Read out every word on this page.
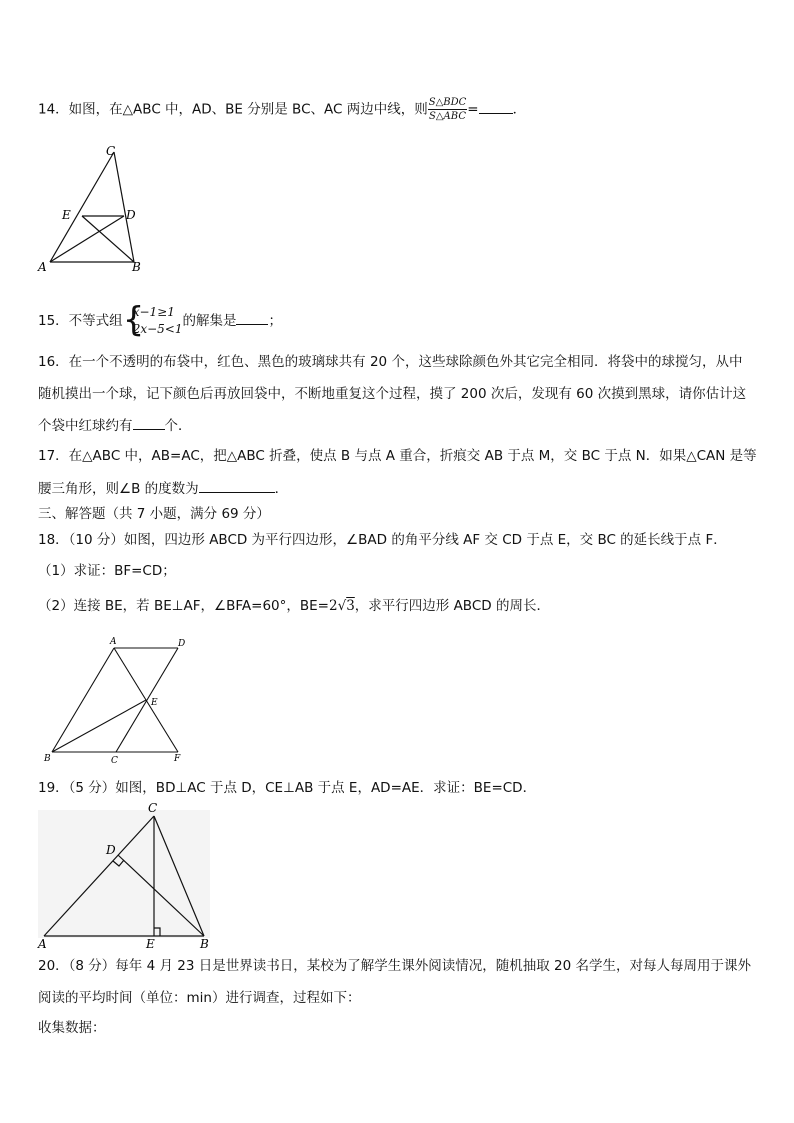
14．如图，在△ABC 中，AD、BE 分别是 BC、AC 两边中线，则 $\frac{\text{S△BDC}}{\text{S△ABC}}$ =	．
C
E	D
A	B
15．不等式组 {
x−1≥1
2x−5<1 的解集是 ；
16．在一个不透明的布袋中，红色、黑色的玻璃球共有 20 个，这些球除颜色外其它完全相同．将袋中的球搅匀，从中
随机摸出一个球，记下颜色后再放回袋中，不断地重复这个过程，摸了 200 次后，发现有 60 次摸到黑球，请你估计这
个袋中红球约有 个．
17．在△ABC 中，AB=AC，把△ABC 折叠，使点 B 与点 A 重合，折痕交 AB 于点 M，交 BC 于点 N．如果△CAN 是等
腰三角形，则∠B 的度数为	．
三、解答题（共 7 小题，满分 69 分）
18．（10 分）如图，四边形 ABCD 为平行四边形，∠BAD 的角平分线 AF 交 CD 于点 E，交 BC 的延长线于点 F．
（1）求证：BF=CD；
（2）连接 BE，若 BE⊥AF，∠BFA=60°，BE=2√3，求平行四边形 ABCD 的周长．
A	D
E
B	C	F
19．（5 分）如图，BD⊥AC 于点 D，CE⊥AB 于点 E，AD=AE．求证：BE=CD．
C
D
A	E	B
20．（8 分）每年 4 月 23 日是世界读书日，某校为了解学生课外阅读情况，随机抽取 20 名学生，对每人每周用于课外
阅读的平均时间（单位：min）进行调查，过程如下：
收集数据：
